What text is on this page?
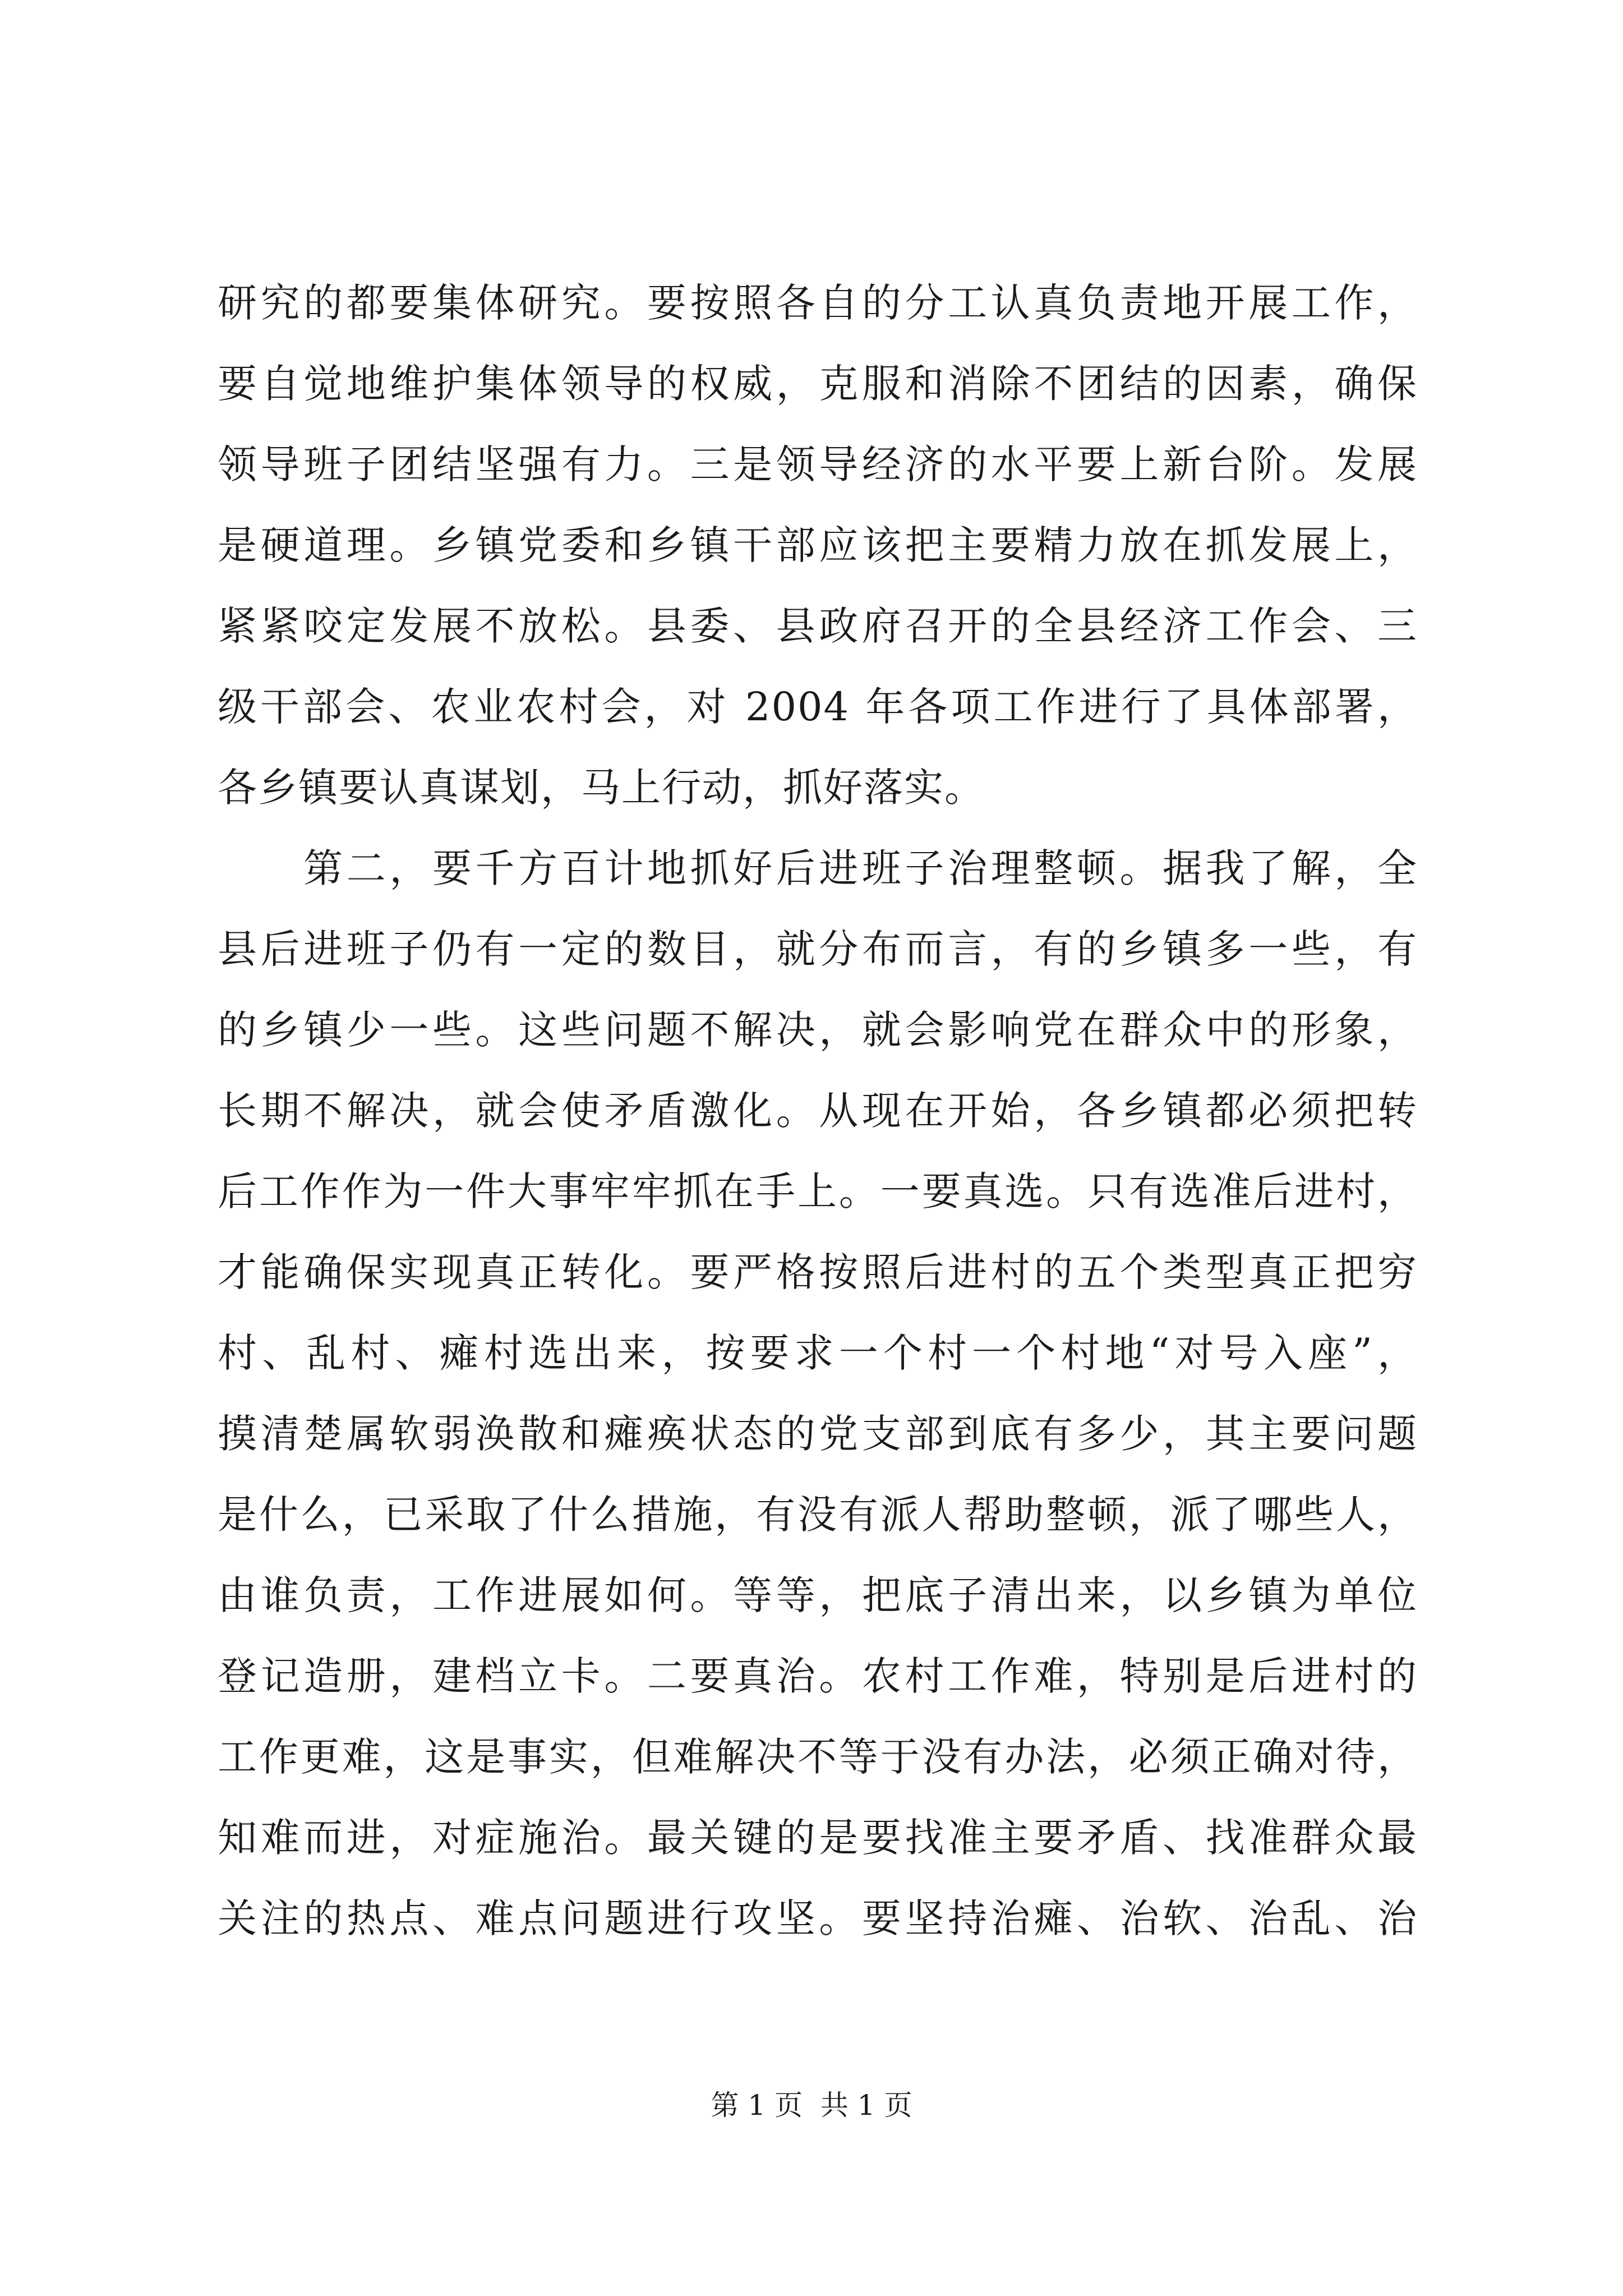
研究的都要集体研究。要按照各自的分工认真负责地开展工作，
要自觉地维护集体领导的权威，克服和消除不团结的因素，确保
领导班子团结坚强有力。三是领导经济的水平要上新台阶。发展
是硬道理。乡镇党委和乡镇干部应该把主要精力放在抓发展上，
紧紧咬定发展不放松。县委、县政府召开的全县经济工作会、三
级干部会、农业农村会，对 2004 年各项工作进行了具体部署，
各乡镇要认真谋划，马上行动，抓好落实。
　　第二，要千方百计地抓好后进班子治理整顿。据我了解，全
县后进班子仍有一定的数目，就分布而言，有的乡镇多一些，有
的乡镇少一些。这些问题不解决，就会影响党在群众中的形象，
长期不解决，就会使矛盾激化。从现在开始，各乡镇都必须把转
后工作作为一件大事牢牢抓在手上。一要真选。只有选准后进村，
才能确保实现真正转化。要严格按照后进村的五个类型真正把穷
村、乱村、瘫村选出来，按要求一个村一个村地“对号入座”，
摸清楚属软弱涣散和瘫痪状态的党支部到底有多少，其主要问题
是什么，已采取了什么措施，有没有派人帮助整顿，派了哪些人，
由谁负责，工作进展如何。等等，把底子清出来，以乡镇为单位
登记造册，建档立卡。二要真治。农村工作难，特别是后进村的
工作更难，这是事实，但难解决不等于没有办法，必须正确对待，
知难而进，对症施治。最关键的是要找准主要矛盾、找准群众最
关注的热点、难点问题进行攻坚。要坚持治瘫、治软、治乱、治
第 1 页  共 1 页
